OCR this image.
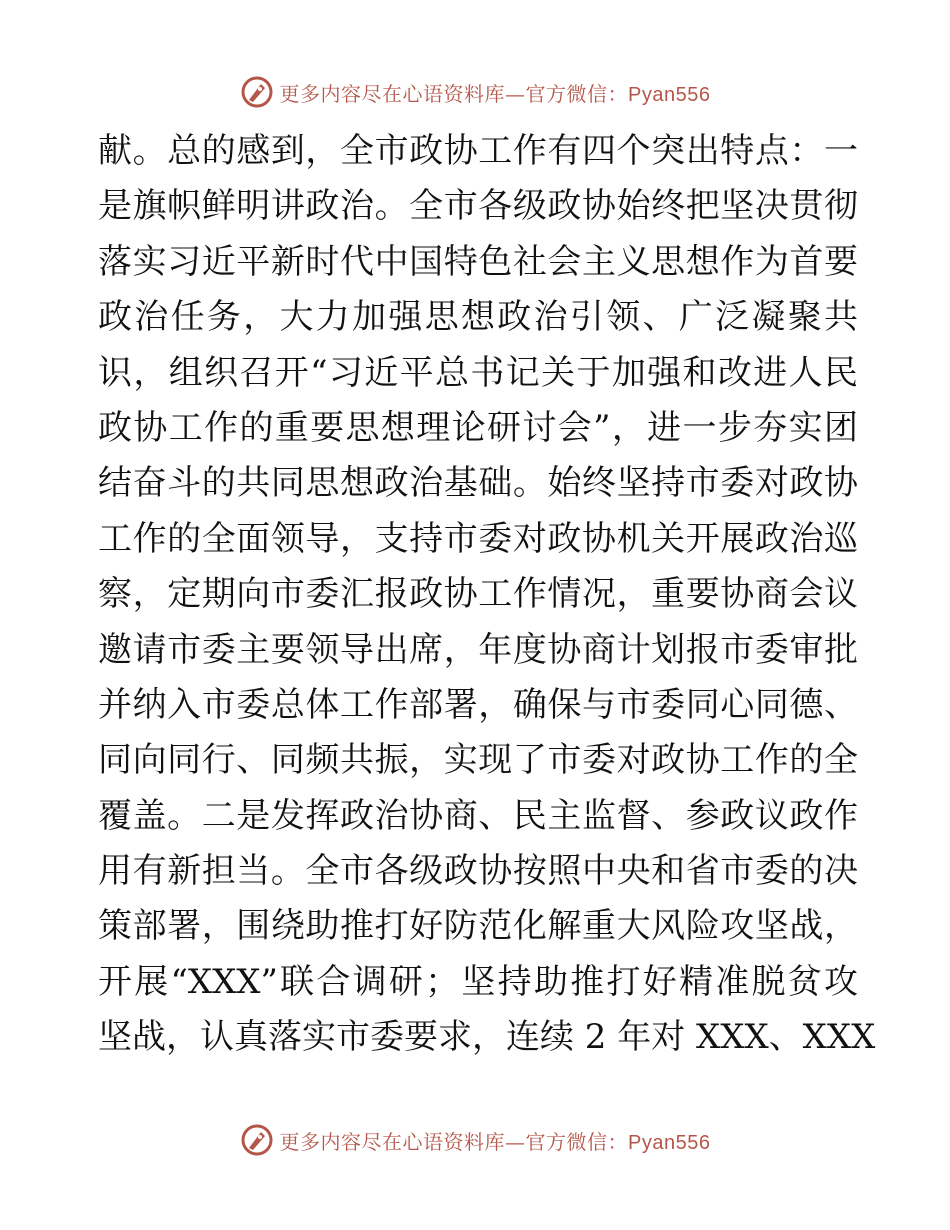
更多内容尽在心语资料库—官方微信：Pyan556
献。总的感到，全市政协工作有四个突出特点：一
是旗帜鲜明讲政治。全市各级政协始终把坚决贯彻
落实习近平新时代中国特色社会主义思想作为首要
政治任务，大力加强思想政治引领、广泛凝聚共
识，组织召开“习近平总书记关于加强和改进人民
政协工作的重要思想理论研讨会”，进一步夯实团
结奋斗的共同思想政治基础。始终坚持市委对政协
工作的全面领导，支持市委对政协机关开展政治巡
察，定期向市委汇报政协工作情况，重要协商会议
邀请市委主要领导出席，年度协商计划报市委审批
并纳入市委总体工作部署，确保与市委同心同德、
同向同行、同频共振，实现了市委对政协工作的全
覆盖。二是发挥政治协商、民主监督、参政议政作
用有新担当。全市各级政协按照中央和省市委的决
策部署，围绕助推打好防范化解重大风险攻坚战，
开展“XXX”联合调研；坚持助推打好精准脱贫攻
坚战，认真落实市委要求，连续 2 年对 XXX、XXX
更多内容尽在心语资料库—官方微信：Pyan556
